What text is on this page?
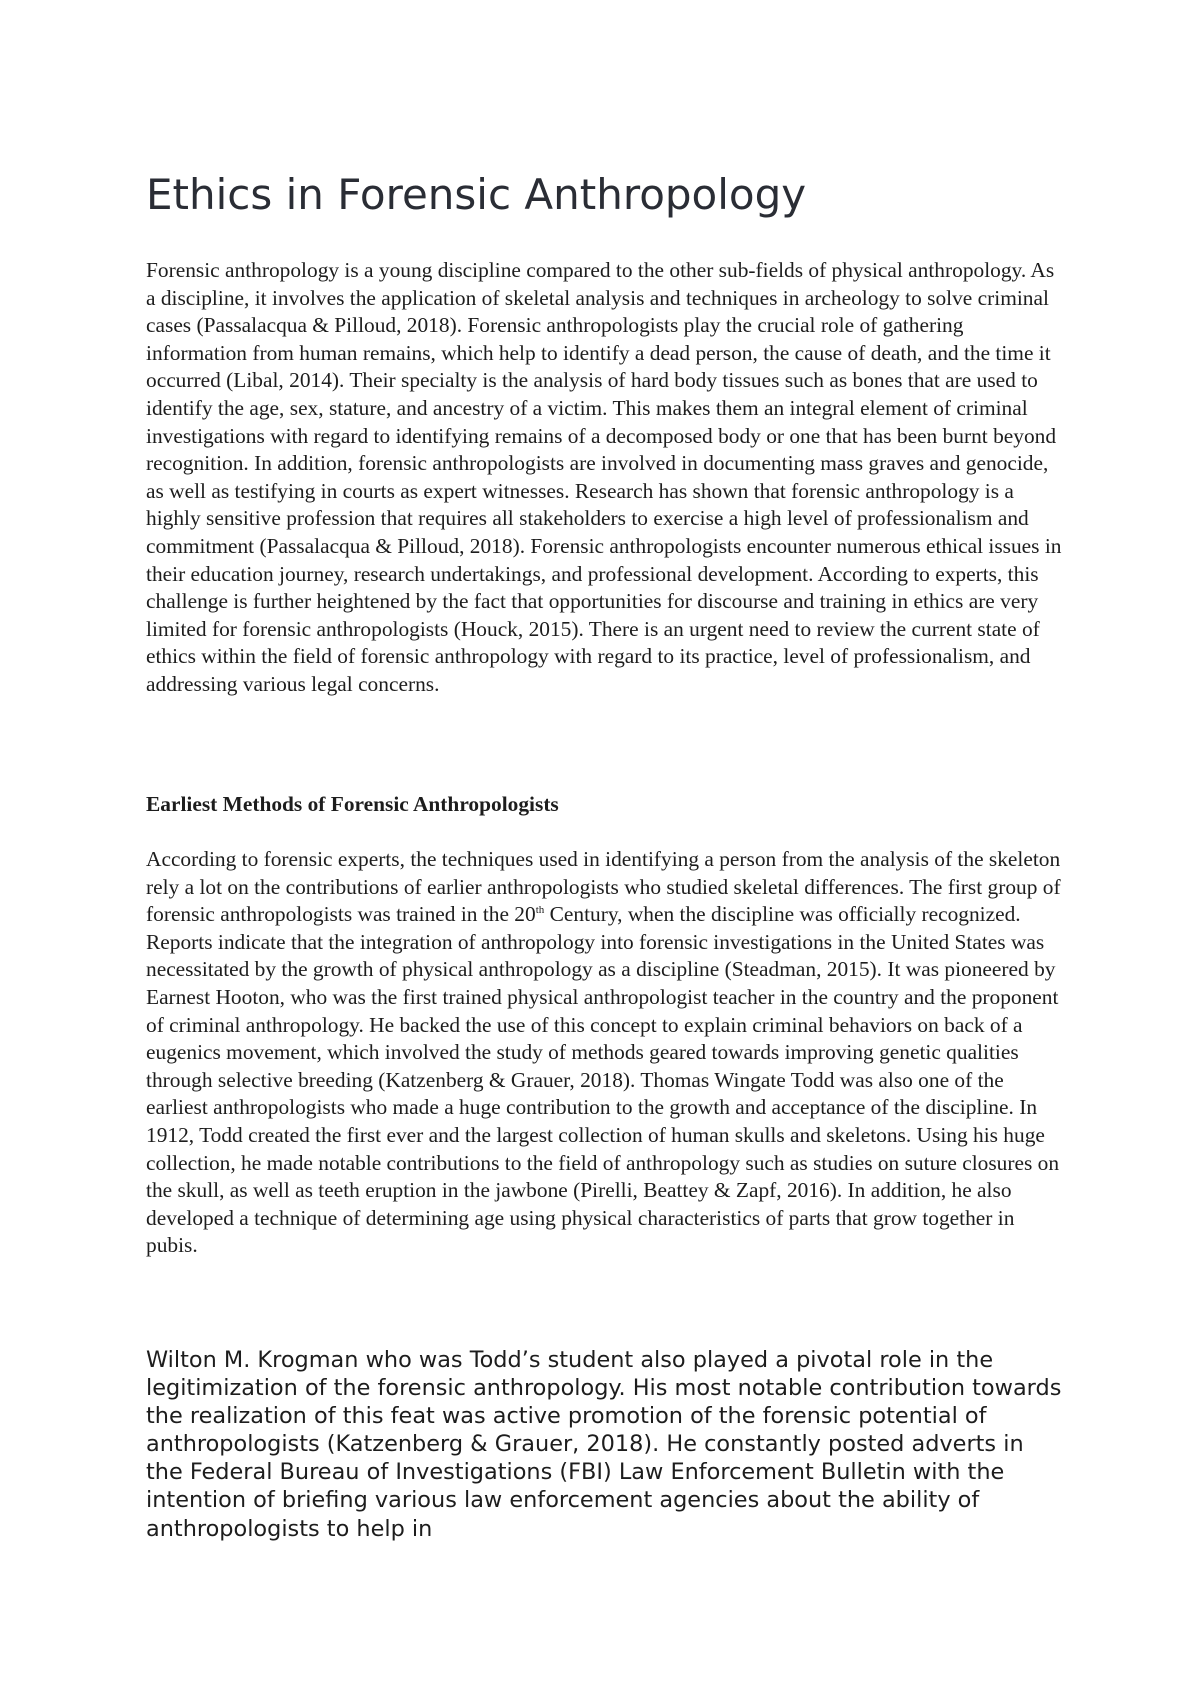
Ethics in Forensic Anthropology

Forensic anthropology is a young discipline compared to the other sub-fields of physical anthropology. As a discipline, it involves the application of skeletal analysis and techniques in archeology to solve criminal cases (Passalacqua & Pilloud, 2018). Forensic anthropologists play the crucial role of gathering information from human remains, which help to identify a dead person, the cause of death, and the time it occurred (Libal, 2014). Their specialty is the analysis of hard body tissues such as bones that are used to identify the age, sex, stature, and ancestry of a victim. This makes them an integral element of criminal investigations with regard to identifying remains of a decomposed body or one that has been burnt beyond recognition. In addition, forensic anthropologists are involved in documenting mass graves and genocide, as well as testifying in courts as expert witnesses. Research has shown that forensic anthropology is a highly sensitive profession that requires all stakeholders to exercise a high level of professionalism and commitment (Passalacqua & Pilloud, 2018). Forensic anthropologists encounter numerous ethical issues in their education journey, research undertakings, and professional development. According to experts, this challenge is further heightened by the fact that opportunities for discourse and training in ethics are very limited for forensic anthropologists (Houck, 2015). There is an urgent need to review the current state of ethics within the field of forensic anthropology with regard to its practice, level of professionalism, and addressing various legal concerns.

Earliest Methods of Forensic Anthropologists

According to forensic experts, the techniques used in identifying a person from the analysis of the skeleton rely a lot on the contributions of earlier anthropologists who studied skeletal differences. The first group of forensic anthropologists was trained in the 20th Century, when the discipline was officially recognized. Reports indicate that the integration of anthropology into forensic investigations in the United States was necessitated by the growth of physical anthropology as a discipline (Steadman, 2015). It was pioneered by Earnest Hooton, who was the first trained physical anthropologist teacher in the country and the proponent of criminal anthropology. He backed the use of this concept to explain criminal behaviors on back of a eugenics movement, which involved the study of methods geared towards improving genetic qualities through selective breeding (Katzenberg & Grauer, 2018). Thomas Wingate Todd was also one of the earliest anthropologists who made a huge contribution to the growth and acceptance of the discipline. In 1912, Todd created the first ever and the largest collection of human skulls and skeletons. Using his huge collection, he made notable contributions to the field of anthropology such as studies on suture closures on the skull, as well as teeth eruption in the jawbone (Pirelli, Beattey & Zapf, 2016). In addition, he also developed a technique of determining age using physical characteristics of parts that grow together in pubis.

Wilton M. Krogman who was Todd’s student also played a pivotal role in the legitimization of the forensic anthropology. His most notable contribution towards the realization of this feat was active promotion of the forensic potential of anthropologists (Katzenberg & Grauer, 2018). He constantly posted adverts in the Federal Bureau of Investigations (FBI) Law Enforcement Bulletin with the intention of briefing various law enforcement agencies about the ability of anthropologists to help in
